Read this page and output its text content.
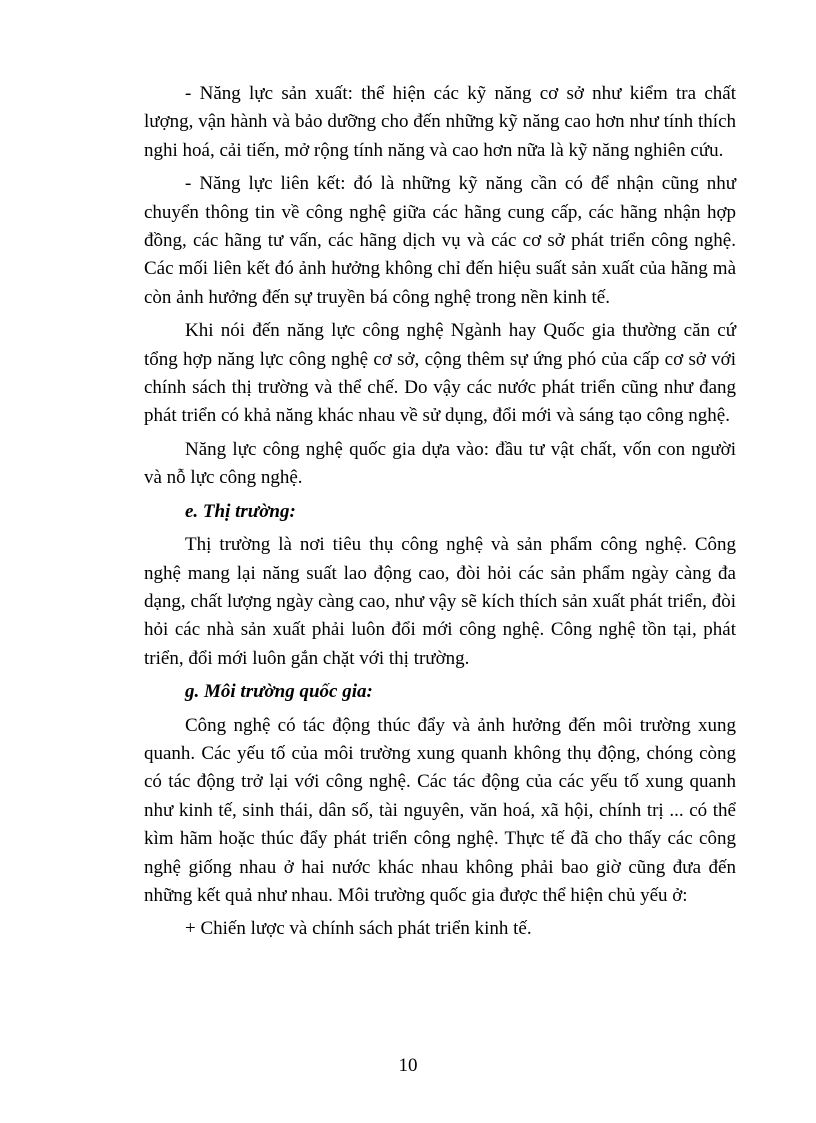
- Năng lực sản xuất: thể hiện các kỹ năng cơ sở như kiểm tra chất lượng, vận hành và bảo dưỡng cho đến những kỹ năng cao hơn như tính thích nghi hoá, cải tiến, mở rộng tính năng và cao hơn nữa là kỹ năng nghiên cứu.

- Năng lực liên kết: đó là những kỹ năng cần có để nhận cũng như chuyển thông tin về công nghệ giữa các hãng cung cấp, các hãng nhận hợp đồng, các hãng tư vấn, các hãng dịch vụ và các cơ sở phát triển công nghệ. Các mối liên kết đó ảnh hưởng không chỉ đến hiệu suất sản xuất của hãng mà còn ảnh hưởng đến sự truyền bá công nghệ trong nền kinh tế.

Khi nói đến năng lực công nghệ Ngành hay Quốc gia thường căn cứ tổng hợp năng lực công nghệ cơ sở, cộng thêm sự ứng phó của cấp cơ sở với chính sách thị trường và thể chế. Do vậy các nước phát triển cũng như đang phát triển có khả năng khác nhau về sử dụng, đổi mới và sáng tạo công nghệ.

Năng lực công nghệ quốc gia dựa vào: đầu tư vật chất, vốn con người và nỗ lực công nghệ.

e. Thị trường:

Thị trường là nơi tiêu thụ công nghệ và sản phẩm công nghệ. Công nghệ mang lại năng suất lao động cao, đòi hỏi các sản phẩm ngày càng đa dạng, chất lượng ngày càng cao, như vậy sẽ kích thích sản xuất phát triển, đòi hỏi các nhà sản xuất phải luôn đổi mới công nghệ. Công nghệ tồn tại, phát triển, đổi mới luôn gắn chặt với thị trường.

g. Môi trường quốc gia:

Công nghệ có tác động thúc đẩy và ảnh hưởng đến môi trường xung quanh. Các yếu tố của môi trường xung quanh không thụ động, chóng còng có tác động trở lại với công nghệ. Các tác động của các yếu tố xung quanh như kinh tế, sinh thái, dân số, tài nguyên, văn hoá, xã hội, chính trị ... có thể kìm hãm hoặc thúc đẩy phát triển công nghệ. Thực tế đã cho thấy các công nghệ giống nhau ở hai nước khác nhau không phải bao giờ cũng đưa đến những kết quả như nhau. Môi trường quốc gia được thể hiện chủ yếu ở:

+ Chiến lược và chính sách phát triển kinh tế.

10
